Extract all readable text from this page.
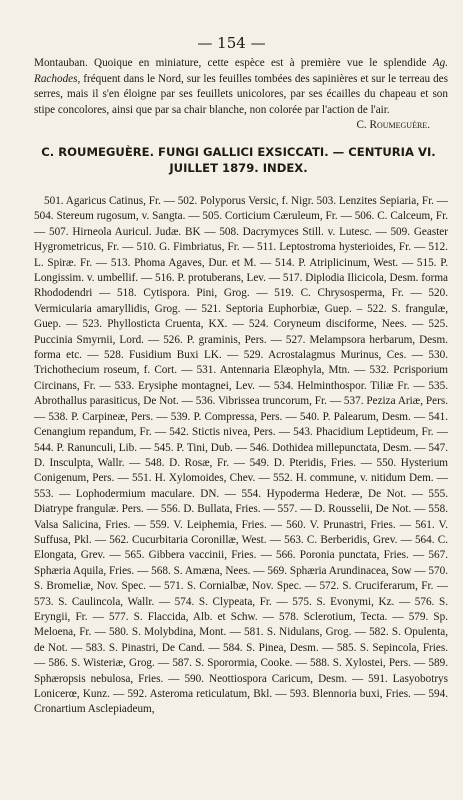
— 154 —

Montauban. Quoique en miniature, cette espèce est à première vue le splendide Ag. Rachodes, fréquent dans le Nord, sur les feuilles tombées des sapinières et sur le terreau des serres, mais il s'en éloigne par ses feuillets unicolores, par ses écailles du chapeau et son stipe concolores, ainsi que par sa chair blanche, non colorée par l'action de l'air.
C. Roumeguère.

C. ROUMEGUÈRE. FUNGI GALLICI EXSICCATI. — CENTURIA VI. JUILLET 1879. INDEX.

501. Agaricus Catinus, Fr. — 502. Polyporus Versic, f. Nigr. 503. Lenzites Sepiaria, Fr. — 504. Stereum rugosum, v. Sangta. — 505. Corticium Cæruleum, Fr. — 506. C. Calceum, Fr. — 507. Hirneola Auricul. Judæ. BK — 508. Dacrymyces Still. v. Lutesc. — 509. Geaster Hygrometricus, Fr. — 510. G. Fimbriatus, Fr. — 511. Leptostroma hysterioides, Fr. — 512. L. Spiræ. Fr. — 513. Phoma Agaves, Dur. et M. — 514. P. Atriplicinum, West. — 515. P. Longissim. v. umbellif. — 516. P. protuberans, Lev. — 517. Diplodia Ilicicola, Desm. forma Rhododendri — 518. Cytispora. Pini, Grog. — 519. C. Chrysosperma, Fr. — 520. Vermicularia amaryllidis, Grog. — 521. Septoria Euphorbiæ, Guep. – 522. S. frangulæ, Guep. — 523. Phyllosticta Cruenta, KX. — 524. Coryneum disciforme, Nees. — 525. Puccinia Smyrnii, Lord. — 526. P. graminis, Pers. — 527. Melampsora herbarum, Desm. forma etc. — 528. Fusidium Buxi LK. — 529. Acrostalagmus Murinus, Ces. — 530. Trichothecium roseum, f. Cort. — 531. Antennaria Elæophyla, Mtn. — 532. Pcrisporium Circinans, Fr. — 533. Erysiphe montagnei, Lev. — 534. Helminthospor. Tiliæ Fr. — 535. Abrothallus parasiticus, De Not. — 536. Vibrissea truncorum, Fr. — 537. Peziza Ariæ, Pers. — 538. P. Carpineæ, Pers. — 539. P. Compressa, Pers. — 540. P. Palearum, Desm. — 541. Cenangium repandum, Fr. — 542. Stictis nivea, Pers. — 543. Phacidium Leptideum, Fr. — 544. P. Ranunculi, Lib. — 545. P. Tini, Dub. — 546. Dothidea millepunctata, Desm. — 547. D. Insculpta, Wallr. — 548. D. Rosæ, Fr. — 549. D. Pteridis, Fries. — 550. Hysterium Conigenum, Pers. — 551. H. Xylomoides, Chev. — 552. H. commune, v. nitidum Dem. — 553. — Lophodermium maculare. DN. — 554. Hypoderma Hederæ, De Not. — 555. Diatrype frangulæ. Pers. — 556. D. Bullata, Fries. — 557. — D. Rousselii, De Not. — 558. Valsa Salicina, Fries. — 559. V. Leiphemia, Fries. — 560. V. Prunastri, Fries. — 561. V. Suffusa, Pkl. — 562. Cucurbitaria Coronillæ, West. — 563. C. Berberidis, Grev. — 564. C. Elongata, Grev. — 565. Gibbera vaccinii, Fries. — 566. Poronia punctata, Fries. — 567. Sphæria Aquila, Fries. — 568. S. Amæna, Nees. — 569. Sphæria Arundinacea, Sow — 570. S. Bromeliæ, Nov. Spec. — 571. S. Cornialbæ, Nov. Spec. — 572. S. Cruciferarum, Fr. — 573. S. Caulincola, Wallr. — 574. S. Clypeata, Fr. — 575. S. Evonymi, Kz. — 576. S. Eryngii, Fr. — 577. S. Flaccida, Alb. et Schw. — 578. Sclerotium, Tecta. — 579. Sp. Meloena, Fr. — 580. S. Molybdina, Mont. — 581. S. Nidulans, Grog. — 582. S. Opulenta, de Not. — 583. S. Pinastri, De Cand. — 584. S. Pinea, Desm. — 585. S. Sepincola, Fries. — 586. S. Wisteriæ, Grog. — 587. S. Sporormia, Cooke. — 588. S. Xylostei, Pers. — 589. Sphæropsis nebulosa, Fries. — 590. Neottiospora Caricum, Desm. — 591. Lasyobotrys Lonicerœ, Kunz. — 592. Asteroma reticulatum, Bkl. — 593. Blennoria buxi, Fries. — 594. Cronartium Asclepiadeum,
